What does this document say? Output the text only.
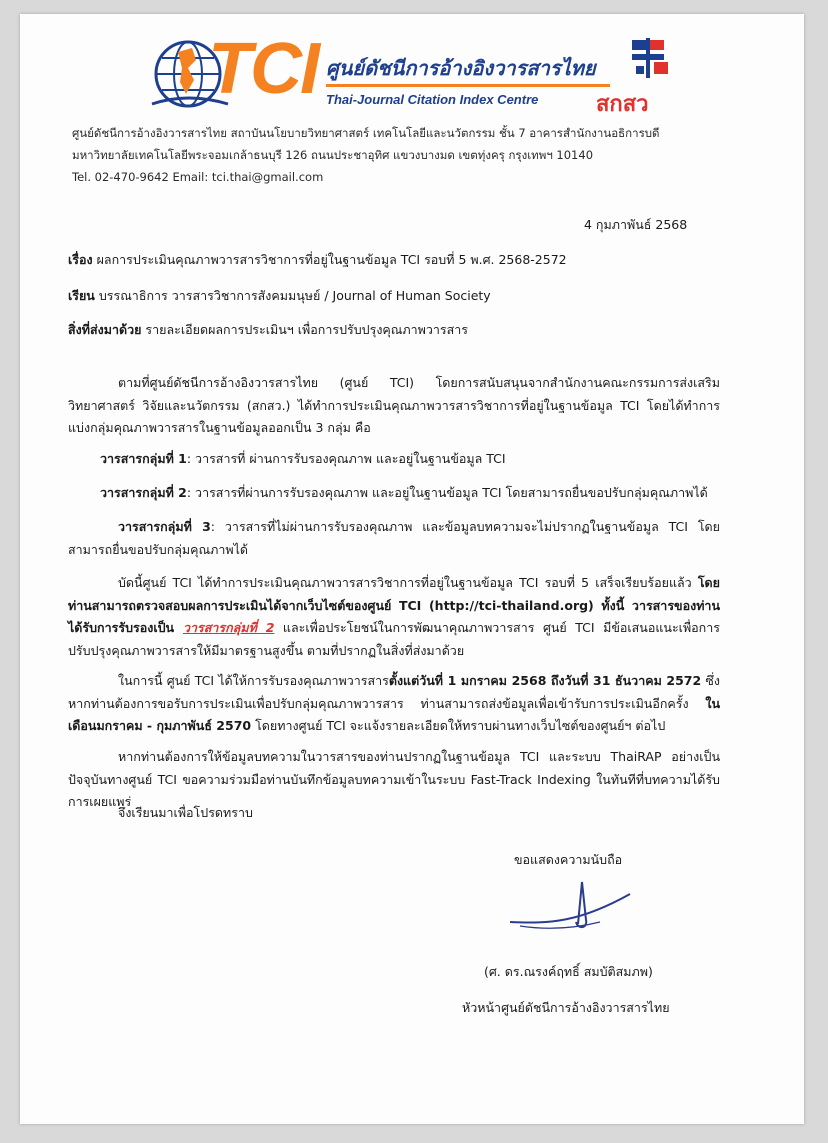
TCI ศูนย์ดัชนีการอ้างอิงวารสารไทย
Thai-Journal Citation Index Centre	สกสว
ศูนย์ดัชนีการอ้างอิงวารสารไทย สถาบันนโยบายวิทยาศาสตร์ เทคโนโลยีและนวัตกรรม ชั้น 7 อาคารสำนักงานอธิการบดี
มหาวิทยาลัยเทคโนโลยีพระจอมเกล้าธนบุรี 126 ถนนประชาอุทิศ แขวงบางมด เขตทุ่งครุ กรุงเทพฯ 10140
Tel. 02-470-9642 Email: tci.thai@gmail.com
4 กุมภาพันธ์ 2568
เรื่อง ผลการประเมินคุณภาพวารสารวิชาการที่อยู่ในฐานข้อมูล TCI รอบที่ 5 พ.ศ. 2568-2572
เรียน บรรณาธิการ วารสารวิชาการสังคมมนุษย์ / Journal of Human Society
สิ่งที่ส่งมาด้วย รายละเอียดผลการประเมินฯ เพื่อการปรับปรุงคุณภาพวารสาร
ตามที่ศูนย์ดัชนีการอ้างอิงวารสารไทย (ศูนย์ TCI) โดยการสนับสนุนจากสำนักงานคณะกรรมการส่งเสริมวิทยาศาสตร์ วิจัยและนวัตกรรม (สกสว.) ได้ทำการประเมินคุณภาพวารสารวิชาการที่อยู่ในฐานข้อมูล TCI โดยได้ทำการแบ่งกลุ่มคุณภาพวารสารในฐานข้อมูลออกเป็น 3 กลุ่ม คือ
วารสารกลุ่มที่ 1: วารสารที่ ผ่านการรับรองคุณภาพ และอยู่ในฐานข้อมูล TCI
วารสารกลุ่มที่ 2: วารสารที่ผ่านการรับรองคุณภาพ และอยู่ในฐานข้อมูล TCI โดยสามารถยื่นขอปรับกลุ่มคุณภาพได้
วารสารกลุ่มที่ 3: วารสารที่ไม่ผ่านการรับรองคุณภาพ และข้อมูลบทความจะไม่ปรากฏในฐานข้อมูล TCI โดยสามารถยื่นขอปรับกลุ่มคุณภาพได้
บัดนี้ศูนย์ TCI ได้ทำการประเมินคุณภาพวารสารวิชาการที่อยู่ในฐานข้อมูล TCI รอบที่ 5 เสร็จเรียบร้อยแล้ว โดยท่านสามารถตรวจสอบผลการประเมินได้จากเว็บไซต์ของศูนย์ TCI (http://tci-thailand.org) ทั้งนี้ วารสารของท่านได้รับการรับรองเป็น วารสารกลุ่มที่ 2 และเพื่อประโยชน์ในการพัฒนาคุณภาพวารสาร ศูนย์ TCI มีข้อเสนอแนะเพื่อการปรับปรุงคุณภาพวารสารให้มีมาตรฐานสูงขึ้น ตามที่ปรากฏในสิ่งที่ส่งมาด้วย
ในการนี้ ศูนย์ TCI ได้ให้การรับรองคุณภาพวารสารตั้งแต่วันที่ 1 มกราคม 2568 ถึงวันที่ 31 ธันวาคม 2572 ซึ่งหากท่านต้องการขอรับการประเมินเพื่อปรับกลุ่มคุณภาพวารสาร ท่านสามารถส่งข้อมูลเพื่อเข้ารับการประเมินอีกครั้ง ในเดือนมกราคม - กุมภาพันธ์ 2570 โดยทางศูนย์ TCI จะแจ้งรายละเอียดให้ทราบผ่านทางเว็บไซต์ของศูนย์ฯ ต่อไป
หากท่านต้องการให้ข้อมูลบทความในวารสารของท่านปรากฏในฐานข้อมูล TCI และระบบ ThaiRAP อย่างเป็นปัจจุบันทางศูนย์ TCI ขอความร่วมมือท่านบันทึกข้อมูลบทความเข้าในระบบ Fast-Track Indexing ในทันทีที่บทความได้รับการเผยแพร่
จึงเรียนมาเพื่อโปรดทราบ
ขอแสดงความนับถือ
(ศ. ดร.ณรงค์ฤทธิ์ สมบัติสมภพ)
หัวหน้าศูนย์ดัชนีการอ้างอิงวารสารไทย
